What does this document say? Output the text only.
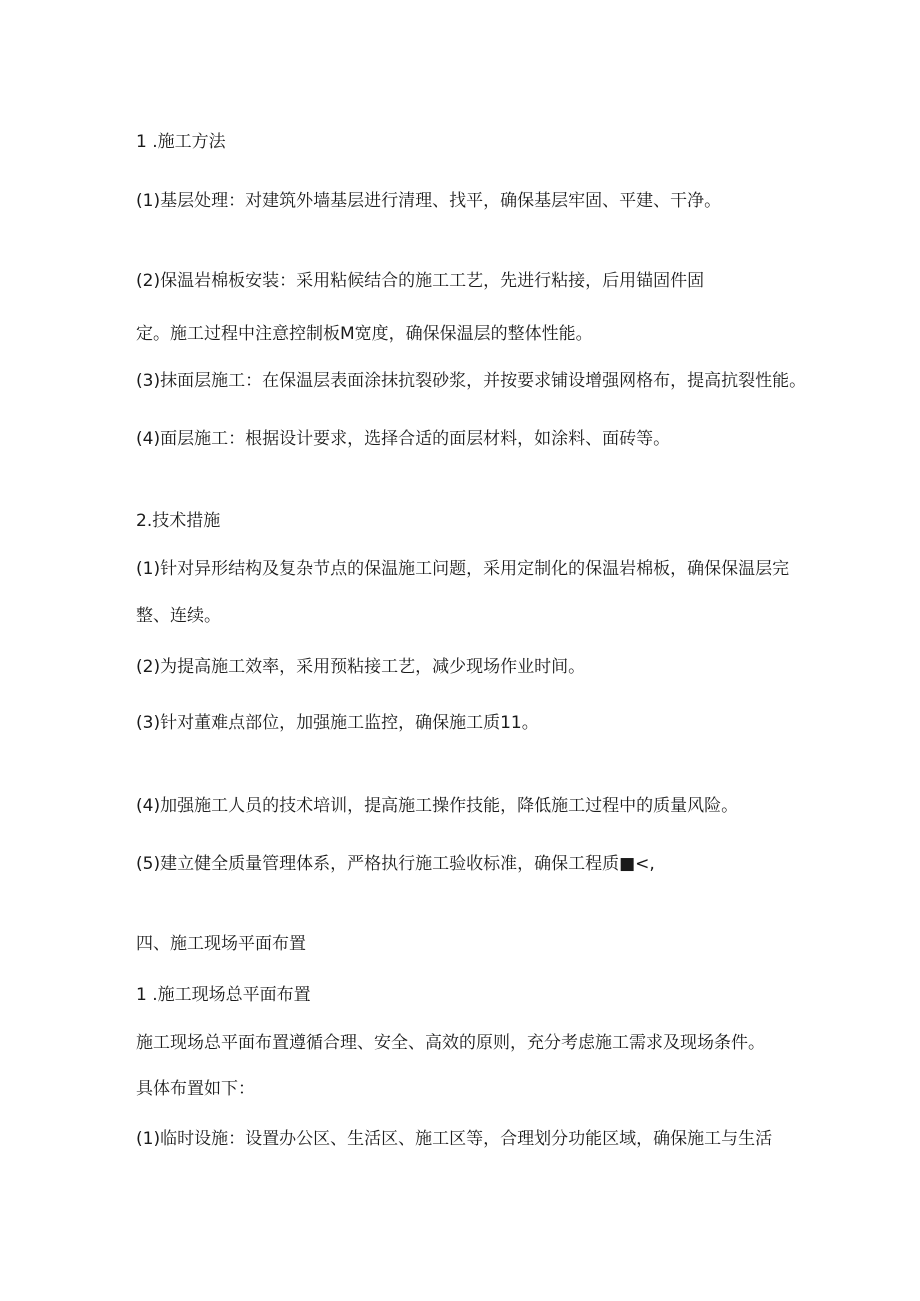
1 .施工方法
(1)基层处理：对建筑外墙基层进行清理、找平，确保基层牢固、平建、干净。
(2)保温岩棉板安装：采用粘候结合的施工工艺，先进行粘接，后用锚固件固
定。施工过程中注意控制板M宽度，确保保温层的整体性能。
(3)抹面层施工：在保温层表面涂抹抗裂砂浆，并按要求铺设增强网格布，提高抗裂性能。
(4)面层施工：根据设计要求，选择合适的面层材料，如涂料、面砖等。
2.技术措施
(1)针对异形结构及复杂节点的保温施工问题，采用定制化的保温岩棉板，确保保温层完
整、连续。
(2)为提高施工效率，采用预粘接工艺，减少现场作业时间。
(3)针对董难点部位，加强施工监控，确保施工质11。
(4)加强施工人员的技术培训，提高施工操作技能，降低施工过程中的质量风险。
(5)建立健全质量管理体系，严格执行施工验收标准，确保工程质■<,
四、施工现场平面布置
1 .施工现场总平面布置
施工现场总平面布置遵循合理、安全、高效的原则，充分考虑施工需求及现场条件。
具体布置如下：
(1)临时设施：设置办公区、生活区、施工区等，合理划分功能区域，确保施工与生活
